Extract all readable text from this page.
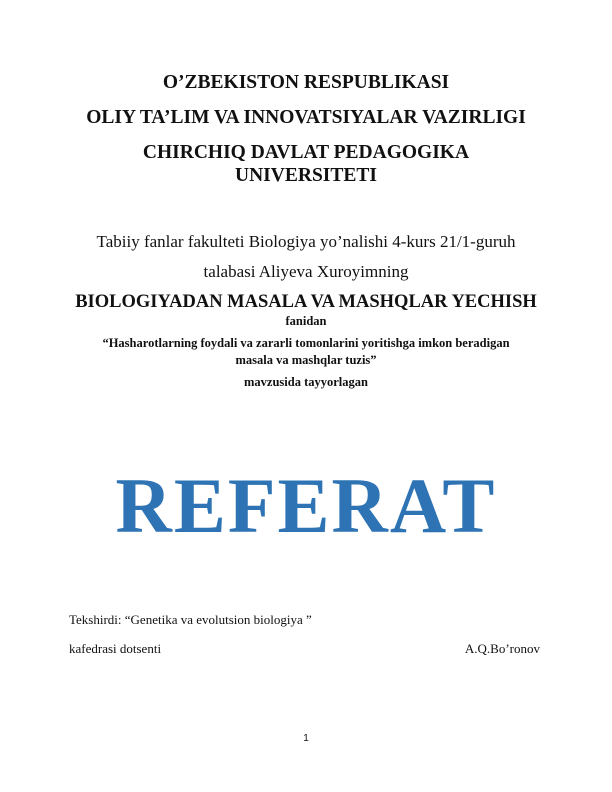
O’ZBEKISTON RESPUBLIKASI
OLIY TA’LIM VA INNOVATSIYALAR VAZIRLIGI
CHIRCHIQ DAVLAT PEDAGOGIKA
UNIVERSITETI
Tabiiy fanlar fakulteti Biologiya yo’nalishi 4-kurs 21/1-guruh
talabasi Aliyeva Xuroyimning
BIOLOGIYADAN MASALA VA MASHQLAR YECHISH
fanidan
“Hasharotlarning foydali va zararli tomonlarini yoritishga imkon beradigan
masala va mashqlar tuzis”
mavzusida tayyorlagan
REFERAT
Tekshirdi: “Genetika va evolutsion biologiya ”
kafedrasi dotsenti	A.Q.Bo’ronov
1
